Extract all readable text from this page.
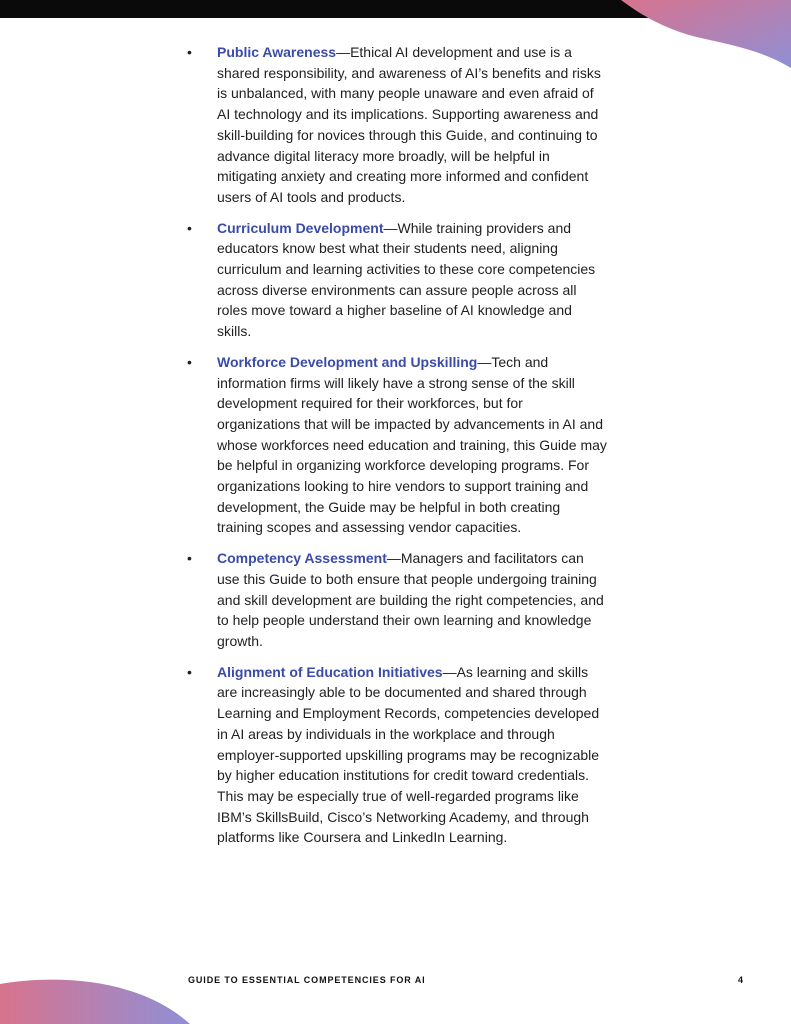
• Public Awareness—Ethical AI development and use is a shared responsibility, and awareness of AI’s benefits and risks is unbalanced, with many people unaware and even afraid of AI technology and its implications. Supporting awareness and skill-building for novices through this Guide, and continuing to advance digital literacy more broadly, will be helpful in mitigating anxiety and creating more informed and confident users of AI tools and products.
• Curriculum Development—While training providers and educators know best what their students need, aligning curriculum and learning activities to these core competencies across diverse environments can assure people across all roles move toward a higher baseline of AI knowledge and skills.
• Workforce Development and Upskilling—Tech and information firms will likely have a strong sense of the skill development required for their workforces, but for organizations that will be impacted by advancements in AI and whose workforces need education and training, this Guide may be helpful in organizing workforce developing programs. For organizations looking to hire vendors to support training and development, the Guide may be helpful in both creating training scopes and assessing vendor capacities.
• Competency Assessment—Managers and facilitators can use this Guide to both ensure that people undergoing training and skill development are building the right competencies, and to help people understand their own learning and knowledge growth.
• Alignment of Education Initiatives—As learning and skills are increasingly able to be documented and shared through Learning and Employment Records, competencies developed in AI areas by individuals in the workplace and through employer-supported upskilling programs may be recognizable by higher education institutions for credit toward credentials. This may be especially true of well-regarded programs like IBM’s SkillsBuild, Cisco’s Networking Academy, and through platforms like Coursera and LinkedIn Learning.
GUIDE TO ESSENTIAL COMPETENCIES FOR AI	4
